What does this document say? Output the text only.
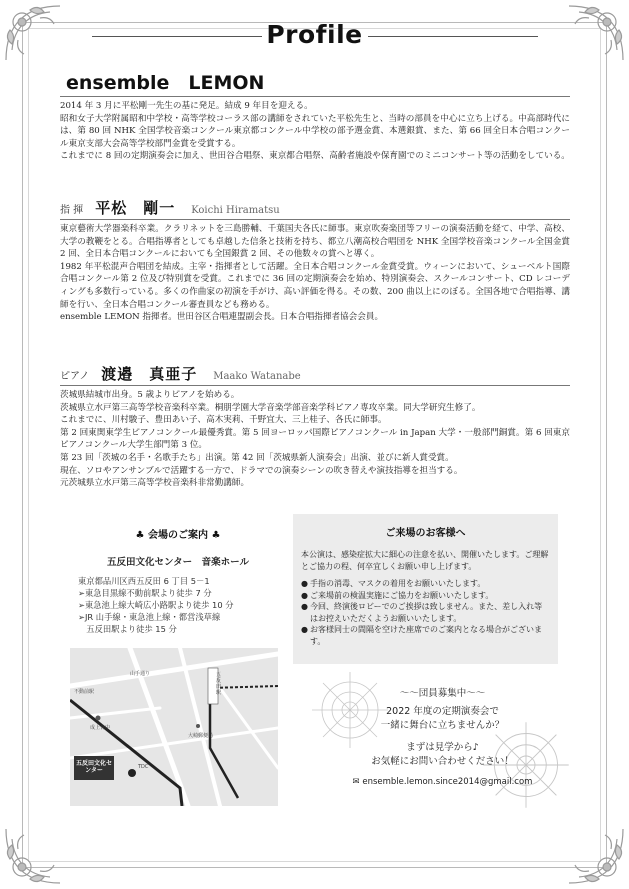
Profile
ensemble　LEMON

2014 年 3 月に平松剛一先生の基に発足。結成 9 年目を迎える。

昭和女子大学附属昭和中学校・高等学校コーラス部の講師をされていた平松先生と、当時の部員を中心に立ち上げる。中高部時代には、第 80 回 NHK 全国学校音楽コンクール東京都コンクール中学校の部予選金賞、本選銀賞、また、第 66 回全日本合唱コンクール東京支部大会高等学校部門金賞を受賞する。

これまでに 8 回の定期演奏会に加え、世田谷合唱祭、東京都合唱祭、高齢者施設や保育園でのミニコンサート等の活動をしている。

指 揮 平松　剛一 Koichi Hiramatsu

東京藝術大学器楽科卒業。クラリネットを三島勝輔、千葉国夫各氏に師事。東京吹奏楽団等フリーの演奏活動を経て、中学、高校、大学の教鞭をとる。合唱指導者としても卓越した信条と技術を持ち、都立八潮高校合唱団を NHK 全国学校音楽コンクール全国金賞 2 回、全日本合唱コンクールにおいても全国銀賞 2 回、その他数々の賞へと導く。

1982 年平松混声合唱団を結成。主宰・指揮者として活躍。全日本合唱コンクール金賞受賞。ウィーンにおいて、シューベルト国際合唱コンクール第 2 位及び特別賞を受賞。これまでに 36 回の定期演奏会を始め、特別演奏会、スクールコンサート、CD レコーディングも多数行っている。多くの作曲家の初演を手がけ、高い評価を得る。その数、200 曲以上にのぼる。全国各地で合唱指導、講師を行い、全日本合唱コンクール審査員なども務める。

ensemble LEMON 指揮者。世田谷区合唱連盟副会長。日本合唱指揮者協会会員。

ピアノ 渡邉　真亜子 Maako Watanabe

茨城県結城市出身。5 歳よりピアノを始める。

茨城県立水戸第三高等学校音楽科卒業。桐朋学園大学音楽学部音楽学科ピアノ専攻卒業。同大学研究生修了。

これまでに、川村駿子、豊田あい子、高木実莉、千野宜大、三上桂子、各氏に師事。

第 2 回東関東学生ピアノコンクール最優秀賞。第 5 回ヨーロッパ国際ピアノコンクール in Japan 大学・一般部門銅賞。第 6 回東京ピアノコンクール大学生部門第 3 位。

第 23 回「茨城の名手・名歌手たち」出演。第 42 回「茨城県新人演奏会」出演、並びに新人賞受賞。

現在、ソロやアンサンブルで活躍する一方で、ドラマでの演奏シーンの吹き替えや演技指導を担当する。

元茨城県立水戸第三高等学校音楽科非常勤講師。

♣ 会場のご案内 ♣
五反田文化センター　音楽ホール
東京都品川区西五反田 6 丁目 5－1
➢東急目黒線不動前駅より徒歩 7 分
➢東急池上線大崎広小路駅より徒歩 10 分
➢JR 山手線・東急池上線・都営浅草線
　五反田駅より徒歩 15 分
五反田文化センター	TDC
五反田駅
成上台中
大崎郵便局
不動前駅
山手通り
ご来場のお客様へ
本公演は、感染症拡大に細心の注意を払い、開催いたします。ご理解とご協力の程、何卒宜しくお願い申し上げます。
● 手指の消毒、マスクの着用をお願いいたします。
● ご来場前の検温実施にご協力をお願いいたします。
● 今回、終演後ロビーでのご挨拶は致しません。また、差し入れ等はお控えいただくようお願いいたします。
● お客様同士の間隔を空けた座席でのご案内となる場合がございます。
～～団員募集中～～
2022 年度の定期演奏会で
一緒に舞台に立ちませんか？
まずは見学から♪
お気軽にお問い合わせください！
✉ ensemble.lemon.since2014@gmail.com
